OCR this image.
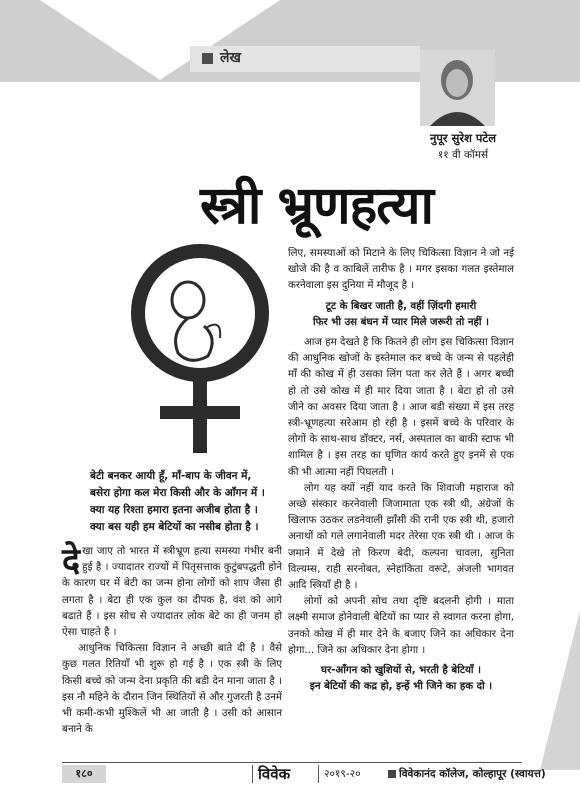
लेख
नुपूर सुरेश पटेल
११ वी कॉमर्स
स्त्री भ्रूणहत्या
बेटी बनकर आयी हूँ, माँ-बाप के जीवन में,
बसेरा होगा कल मेरा किसी और के आँगन में ।
क्या यह रिश्ता हमारा इतना अजीब होता है ।
क्या बस यही हम बेटियों का नसीब होता है ।

देखा जाए तो भारत में स्त्रीभ्रूण हत्या समस्या गंभीर बनी हुई है । ज्यादातर राज्यों में पितृसत्ताक कुटुंबपद्धती होने के कारण घर में बेटी का जन्म होना लोगों को शाप जैसा ही लगता है । बेटा ही एक कुल का दीपक है, वंश को आगे बढाते हैं । इस सोच से ज्यादातर लोक बेटे का ही जनम हो ऐसा चाहते है ।

आधुनिक चिकित्सा विज्ञान ने अच्छी बाते दी है । वैसे कुछ गलत रितियाँ भी शुरू हो गई है । एक स्त्री के लिए किसी बच्चे को जन्म देना प्रकृति की बडी देन माना जाता है । इस नौ महिने के दौरान जिन स्थितियों से और गुजरती है उनमें भी कमी-कभी मुश्किलें भी आ जाती है । उसी को आसान बनाने के

लिए, समस्याओं को मिटाने के लिए चिकित्सा विज्ञान ने जो नई खोजे की है व काबिलें तारीफ है । मगर इसका गलत इस्तेमाल करनेवाला इस दुनिया में मौजूद है ।

टूट के बिखर जाती है, वहीं ज़िंदगी हमारी
फिर भी उस बंधन में प्यार मिले जरूरी तो नहीं ।

आज हम देखते है कि कितने ही लोग इस चिकित्सा विज्ञान की आधुनिक खोजों के इस्तेमाल कर बच्चे के जन्म से पहलेही माँ की कोख में ही उसका लिंग पता कर लेते हैं । अगर बच्ची हो तो उसे कोख में ही मार दिया जाता है । बेटा हो तो उसे जीने का अवसर दिया जाता है । आज बडी संख्या में इस तरह स्त्री-भ्रूणहत्या सरेआम हो रही है । इसमें बच्चे के परिवार के लोगों के साथ-साथ डॉक्टर, नर्स, अस्पताल का बाकी स्टाफ भी शामिल है । इस तरह का घृणित कार्य करते हुए इनमें से एक की भी आत्मा नहीं पिघलती ।

लोग यह क्यों नहीं याद करते कि शिवाजी महाराज को अच्छे संस्कार करनेवाली जिजामाता एक स्त्री थी, अंग्रेजों के खिलाफ उठकर लडनेवाली झाँसी की रानी एक स्त्री थी, हजारो अनाथों को गले लगानेवाली मदर तेरेसा एक स्त्री थी । आज के जमाने में देखे तो किरण बेदी, कल्पना चावला, सुनिता विल्यम्स, राही सरनोबत, स्नेहांकिता वरूटे, अंजली भागवत आदि स्त्रियाँ ही है ।

लोगों को अपनी सोच तथा दृष्टि बदलनी होगी । माता लक्ष्मी समाज होनेवाली बेटियों का प्यार से स्वागत करना होगा, उनको कोख में ही मार देने के बजाए जिने का अधिकार देना होगा... जिने का अधिकार देना होगा ।

घर-आँगन को खुशियों से, भरती है बेटियाँ ।
इन बेटियों की कद्र हो, इन्हें भी जिने का हक दो ।
१८०	विवेक	२०१९-२०	विवेकानंद कॉलेज, कोल्हापूर (स्वायत्त)
